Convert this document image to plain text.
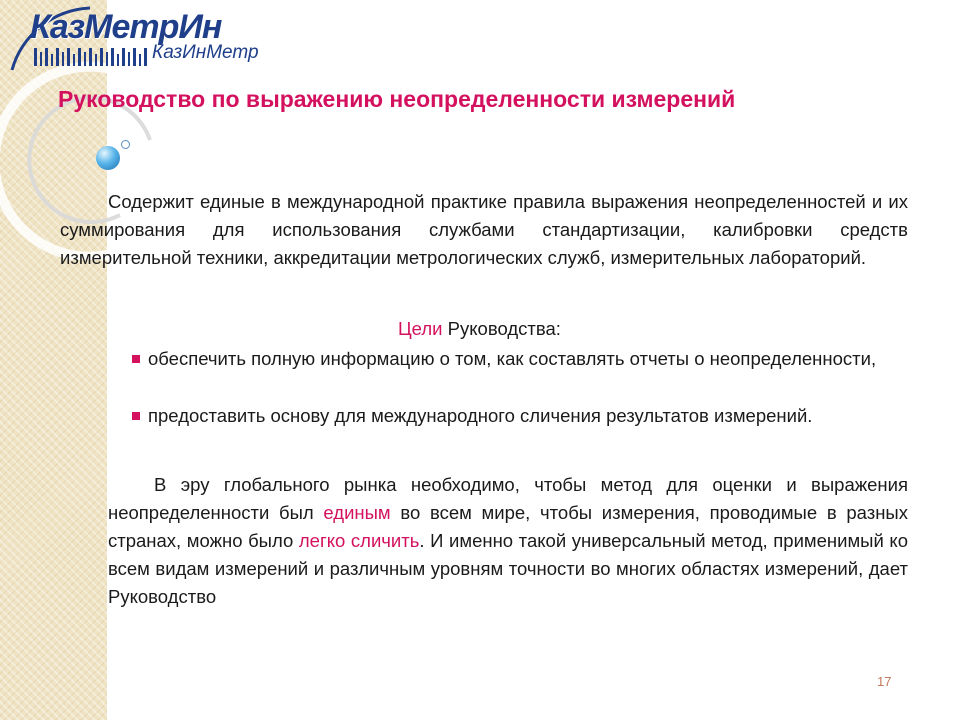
КазМетрИн
КазИнМетр
Руководство по выражению неопределенности измерений

Содержит единые в международной практике правила выражения неопределенностей и их суммирования для использования службами стандартизации, калибровки средств измерительной техники, аккредитации метрологических служб, измерительных лабораторий.

Цели Руководства:

обеспечить полную информацию о том, как составлять отчеты о неопределенности,

предоставить основу для международного сличения результатов измерений.

В эру глобального рынка необходимо, чтобы метод для оценки и выражения неопределенности был единым во всем мире, чтобы измерения, проводимые в разных странах, можно было легко сличить. И именно такой универсальный метод, применимый ко всем видам измерений и различным уровням точности во многих областях измерений, дает Руководство

17
